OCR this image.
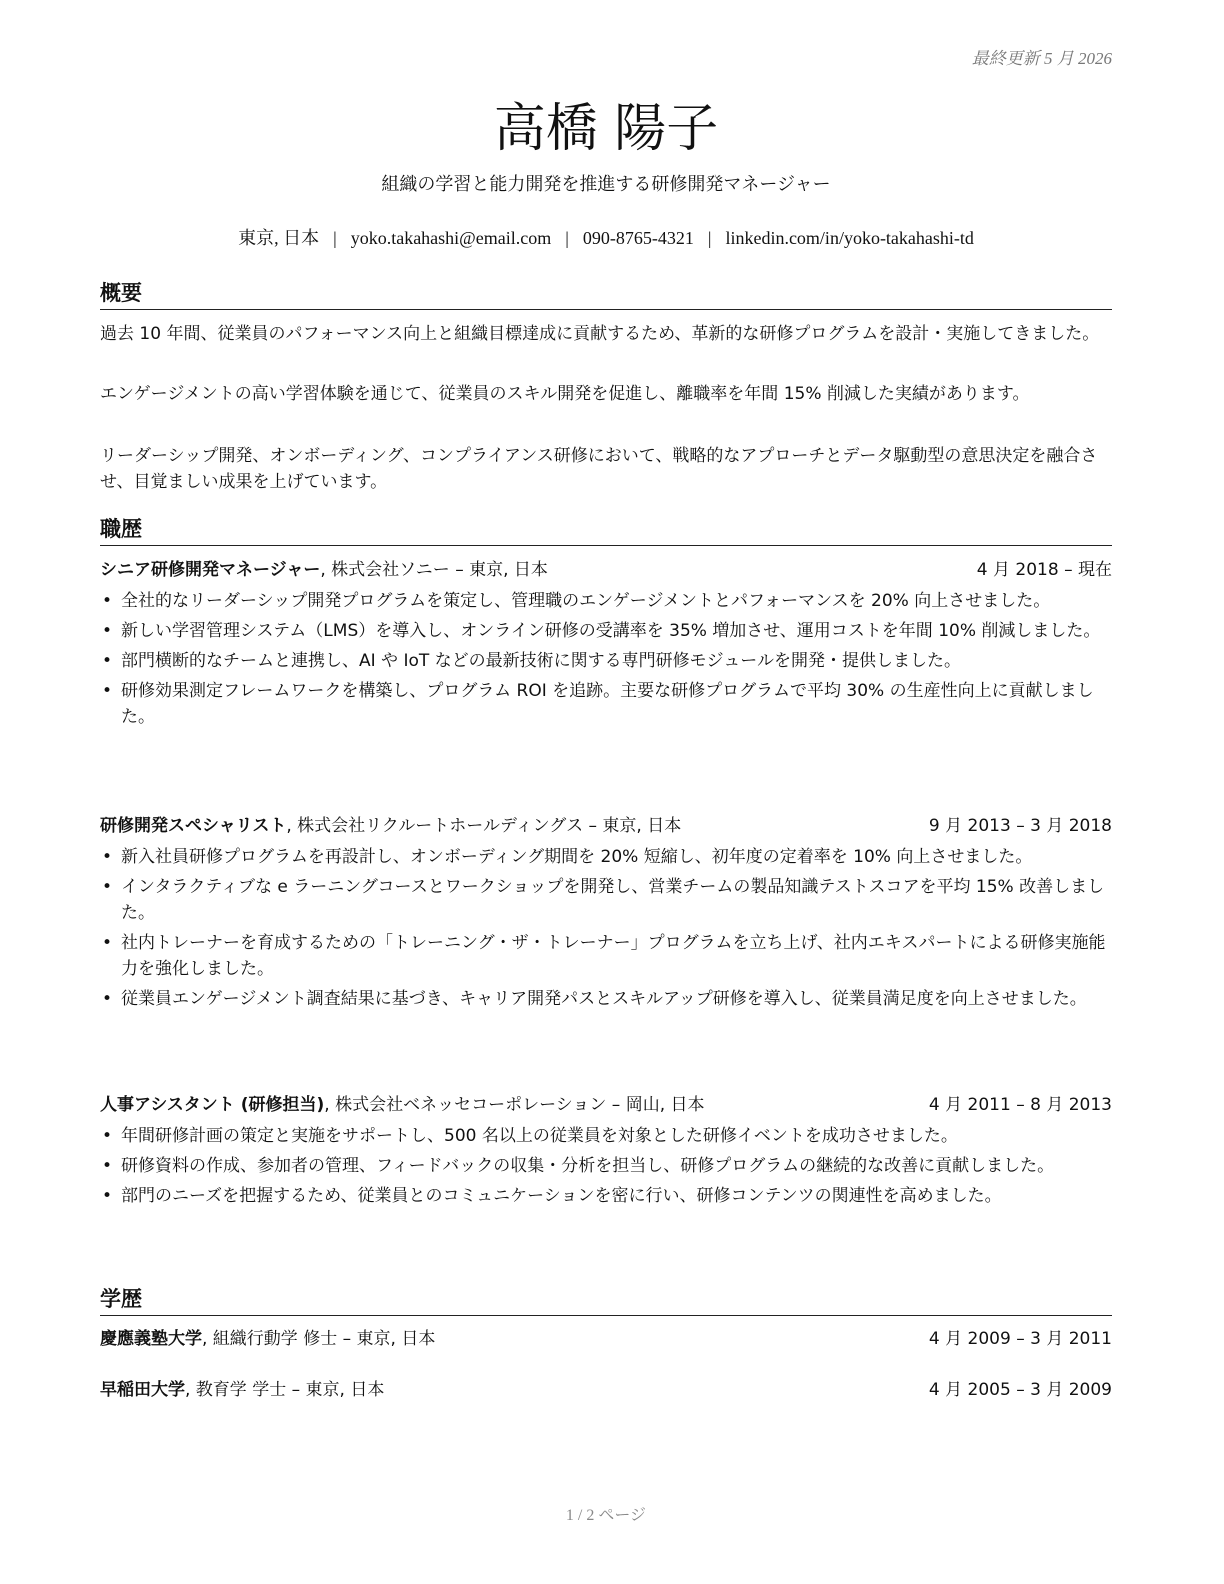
最終更新 5 月 2026
高橋 陽子
組織の学習と能力開発を推進する研修開発マネージャー
東京, 日本 | yoko.takahashi@email.com | 090-8765-4321 | linkedin.com/in/yoko-takahashi-td
概要
過去 10 年間、従業員のパフォーマンス向上と組織目標達成に貢献するため、革新的な研修プログラムを設計・実施してきました。
エンゲージメントの高い学習体験を通じて、従業員のスキル開発を促進し、離職率を年間 15% 削減した実績があります。
リーダーシップ開発、オンボーディング、コンプライアンス研修において、戦略的なアプローチとデータ駆動型の意思決定を融合させ、目覚ましい成果を上げています。
職歴
シニア研修開発マネージャー, 株式会社ソニー – 東京, 日本	4 月 2018 – 現在
• 全社的なリーダーシップ開発プログラムを策定し、管理職のエンゲージメントとパフォーマンスを 20% 向上させました。
• 新しい学習管理システム（LMS）を導入し、オンライン研修の受講率を 35% 増加させ、運用コストを年間 10% 削減しました。
• 部門横断的なチームと連携し、AI や IoT などの最新技術に関する専門研修モジュールを開発・提供しました。
• 研修効果測定フレームワークを構築し、プログラム ROI を追跡。主要な研修プログラムで平均 30% の生産性向上に貢献しました。
研修開発スペシャリスト, 株式会社リクルートホールディングス – 東京, 日本	9 月 2013 – 3 月 2018
• 新入社員研修プログラムを再設計し、オンボーディング期間を 20% 短縮し、初年度の定着率を 10% 向上させました。
• インタラクティブな e ラーニングコースとワークショップを開発し、営業チームの製品知識テストスコアを平均 15% 改善しました。
• 社内トレーナーを育成するための「トレーニング・ザ・トレーナー」プログラムを立ち上げ、社内エキスパートによる研修実施能力を強化しました。
• 従業員エンゲージメント調査結果に基づき、キャリア開発パスとスキルアップ研修を導入し、従業員満足度を向上させました。
人事アシスタント (研修担当), 株式会社ベネッセコーポレーション – 岡山, 日本	4 月 2011 – 8 月 2013
• 年間研修計画の策定と実施をサポートし、500 名以上の従業員を対象とした研修イベントを成功させました。
• 研修資料の作成、参加者の管理、フィードバックの収集・分析を担当し、研修プログラムの継続的な改善に貢献しました。
• 部門のニーズを把握するため、従業員とのコミュニケーションを密に行い、研修コンテンツの関連性を高めました。
学歴
慶應義塾大学, 組織行動学 修士 – 東京, 日本	4 月 2009 – 3 月 2011
早稲田大学, 教育学 学士 – 東京, 日本	4 月 2005 – 3 月 2009
1 / 2 ページ
